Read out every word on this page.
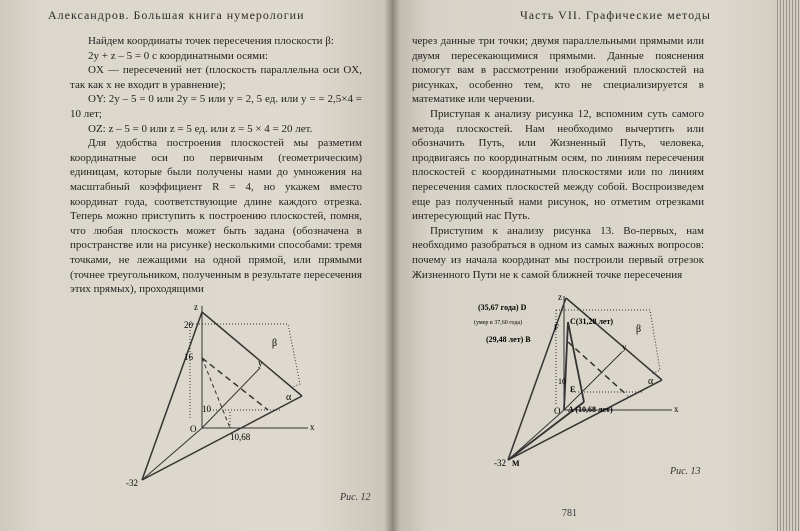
Александров. Большая книга нумерологии

Найдем координаты точек пересечения плоскости β:

2y + z – 5 = 0 с координатными осями:

OX — пересечений нет (плоскость параллельна оси OX, так как х не входит в уравнение);

OY: 2y – 5 = 0 или 2y = 5 или y = 2, 5 ед. или y = = 2,5×4 = 10 лет;

OZ: z – 5 = 0 или z = 5 ед. или z = 5 × 4 = 20 лет.

Для удобства построения плоскостей мы разметим координатные оси по первичным (геометрическим) единицам, которые были получены нами до умножения на масштабный коэффициент R = 4, но укажем вместо координат года, соответствующие длине каждого отрезка. Теперь можно приступить к построению плоскостей, помня, что любая плоскость может быть задана (обозначена в пространстве или на рисунке) несколькими способами: тремя точками, не лежащими на одной прямой, или прямыми (точнее треугольником, полученным в результате пересечения этих прямых), проходящими

z
20
16
10
O
10,68
x
y
β
α
-32
Рис. 12
Часть VII. Графические методы

через данные три точки; двумя параллельными прямыми или двумя пересекающимися прямыми. Данные пояснения помогут вам в рассмотрении изображений плоскостей на рисунках, особенно тем, кто не специализируется в математике или черчении.

Приступая к анализу рисунка 12, вспомним суть самого метода плоскостей. Нам необходимо вычертить или обозначить Путь, или Жизненный Путь, человека, продвигаясь по координатным осям, по линиям пересечения плоскостей с координатными плоскостями или по линиям пересечения самих плоскостей между собой. Воспроизведем еще раз полученный нами рисунок, но отметим отрезками интересующий нас Путь.

Приступим к анализу рисунка 13. Во-первых, нам необходимо разобраться в одном из самых важных вопросов: почему из начала координат мы построили первый отрезок Жизненного Пути не к самой ближней точке пересечения

z
(35,67 года) D
(умер в 37,60 года)	C(31,28 лет)
F
(29,48 лет) B
E
10
A (10,68 лет)
O	x
y
β
α
-32 M
Рис. 13
781
